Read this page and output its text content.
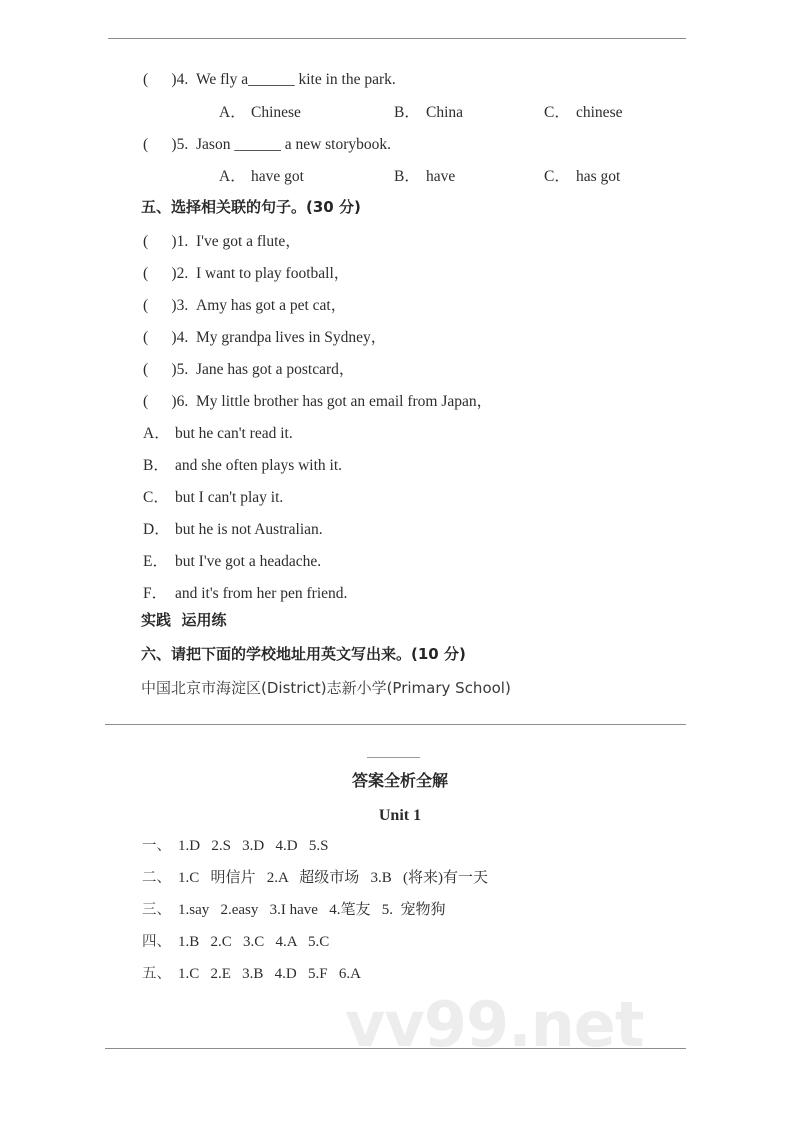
vv99.net
(      )4. We fly a______ kite in the park.
A． Chinese	B． China	C． chinese
(      )5. Jason ______ a new storybook.
A． have got	B． have	C． has got
五、选择相关联的句子。(30 分)
(      )1. I've got a flute，
(      )2. I want to play football，
(      )3. Amy has got a pet cat，
(      )4. My grandpa lives in Sydney，
(      )5. Jane has got a postcard，
(      )6. My little brother has got an email from Japan，
A． but he can't read it.
B． and she often plays with it.
C． but I can't play it.
D． but he is not Australian.
E． but I've got a headache.
F． and it's from her pen friend.
实践  运用练
六、请把下面的学校地址用英文写出来。(10 分)
中国北京市海淀区(District)志新小学(Primary School)
答案全析全解
Unit 1
一、 1.D   2.S   3.D   4.D   5.S
二、 1.C   明信片   2.A   超级市场   3.B   (将来)有一天
三、 1.say   2.easy   3.I have   4.笔友   5.  宠物狗
四、 1.B   2.C   3.C   4.A   5.C
五、 1.C   2.E   3.B   4.D   5.F   6.A
